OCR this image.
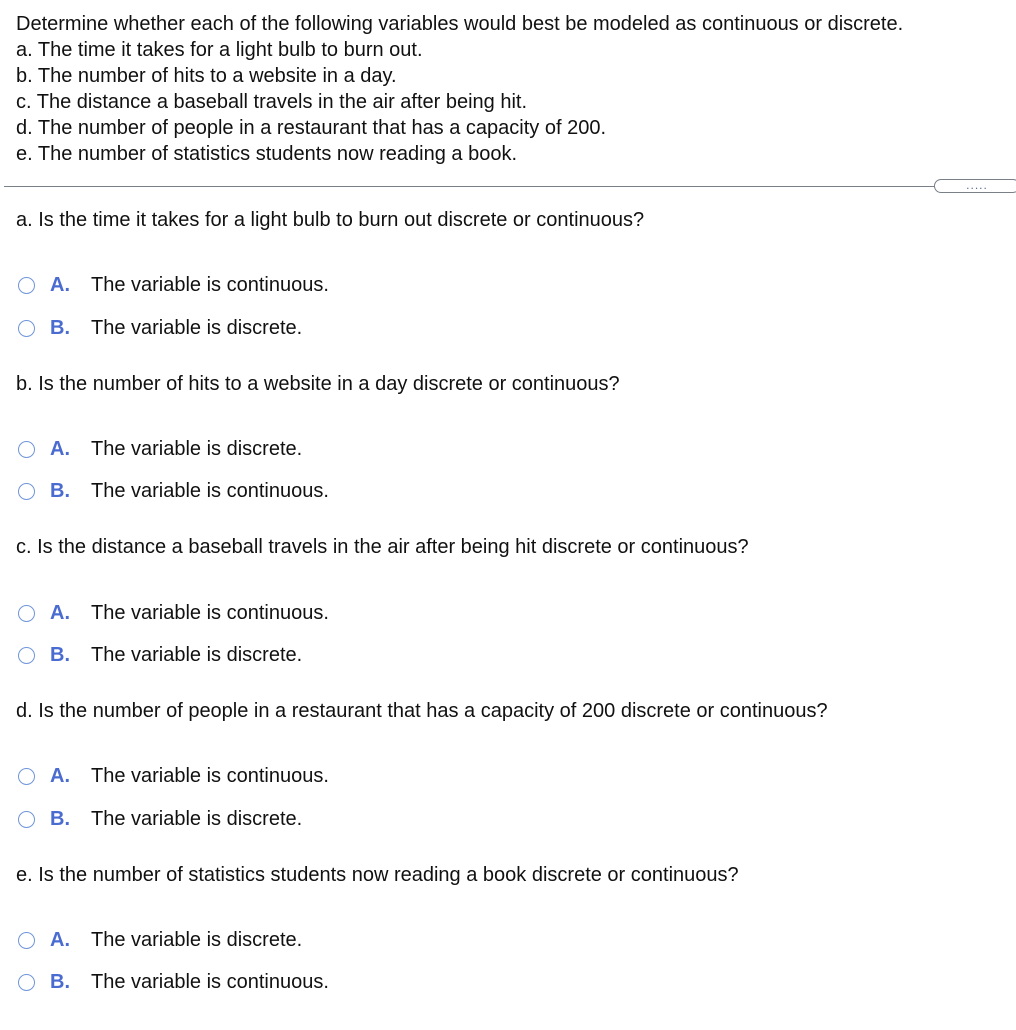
Determine whether each of the following variables would best be modeled as continuous or discrete.
a. The time it takes for a light bulb to burn out.
b. The number of hits to a website in a day.
c. The distance a baseball travels in the air after being hit.
d. The number of people in a restaurant that has a capacity of 200.
e. The number of statistics students now reading a book.
.....
a. Is the time it takes for a light bulb to burn out discrete or continuous?
A.	The variable is continuous.
B.	The variable is discrete.
b. Is the number of hits to a website in a day discrete or continuous?
A.	The variable is discrete.
B.	The variable is continuous.
c. Is the distance a baseball travels in the air after being hit discrete or continuous?
A.	The variable is continuous.
B.	The variable is discrete.
d. Is the number of people in a restaurant that has a capacity of 200 discrete or continuous?
A.	The variable is continuous.
B.	The variable is discrete.
e. Is the number of statistics students now reading a book discrete or continuous?
A.	The variable is discrete.
B.	The variable is continuous.
